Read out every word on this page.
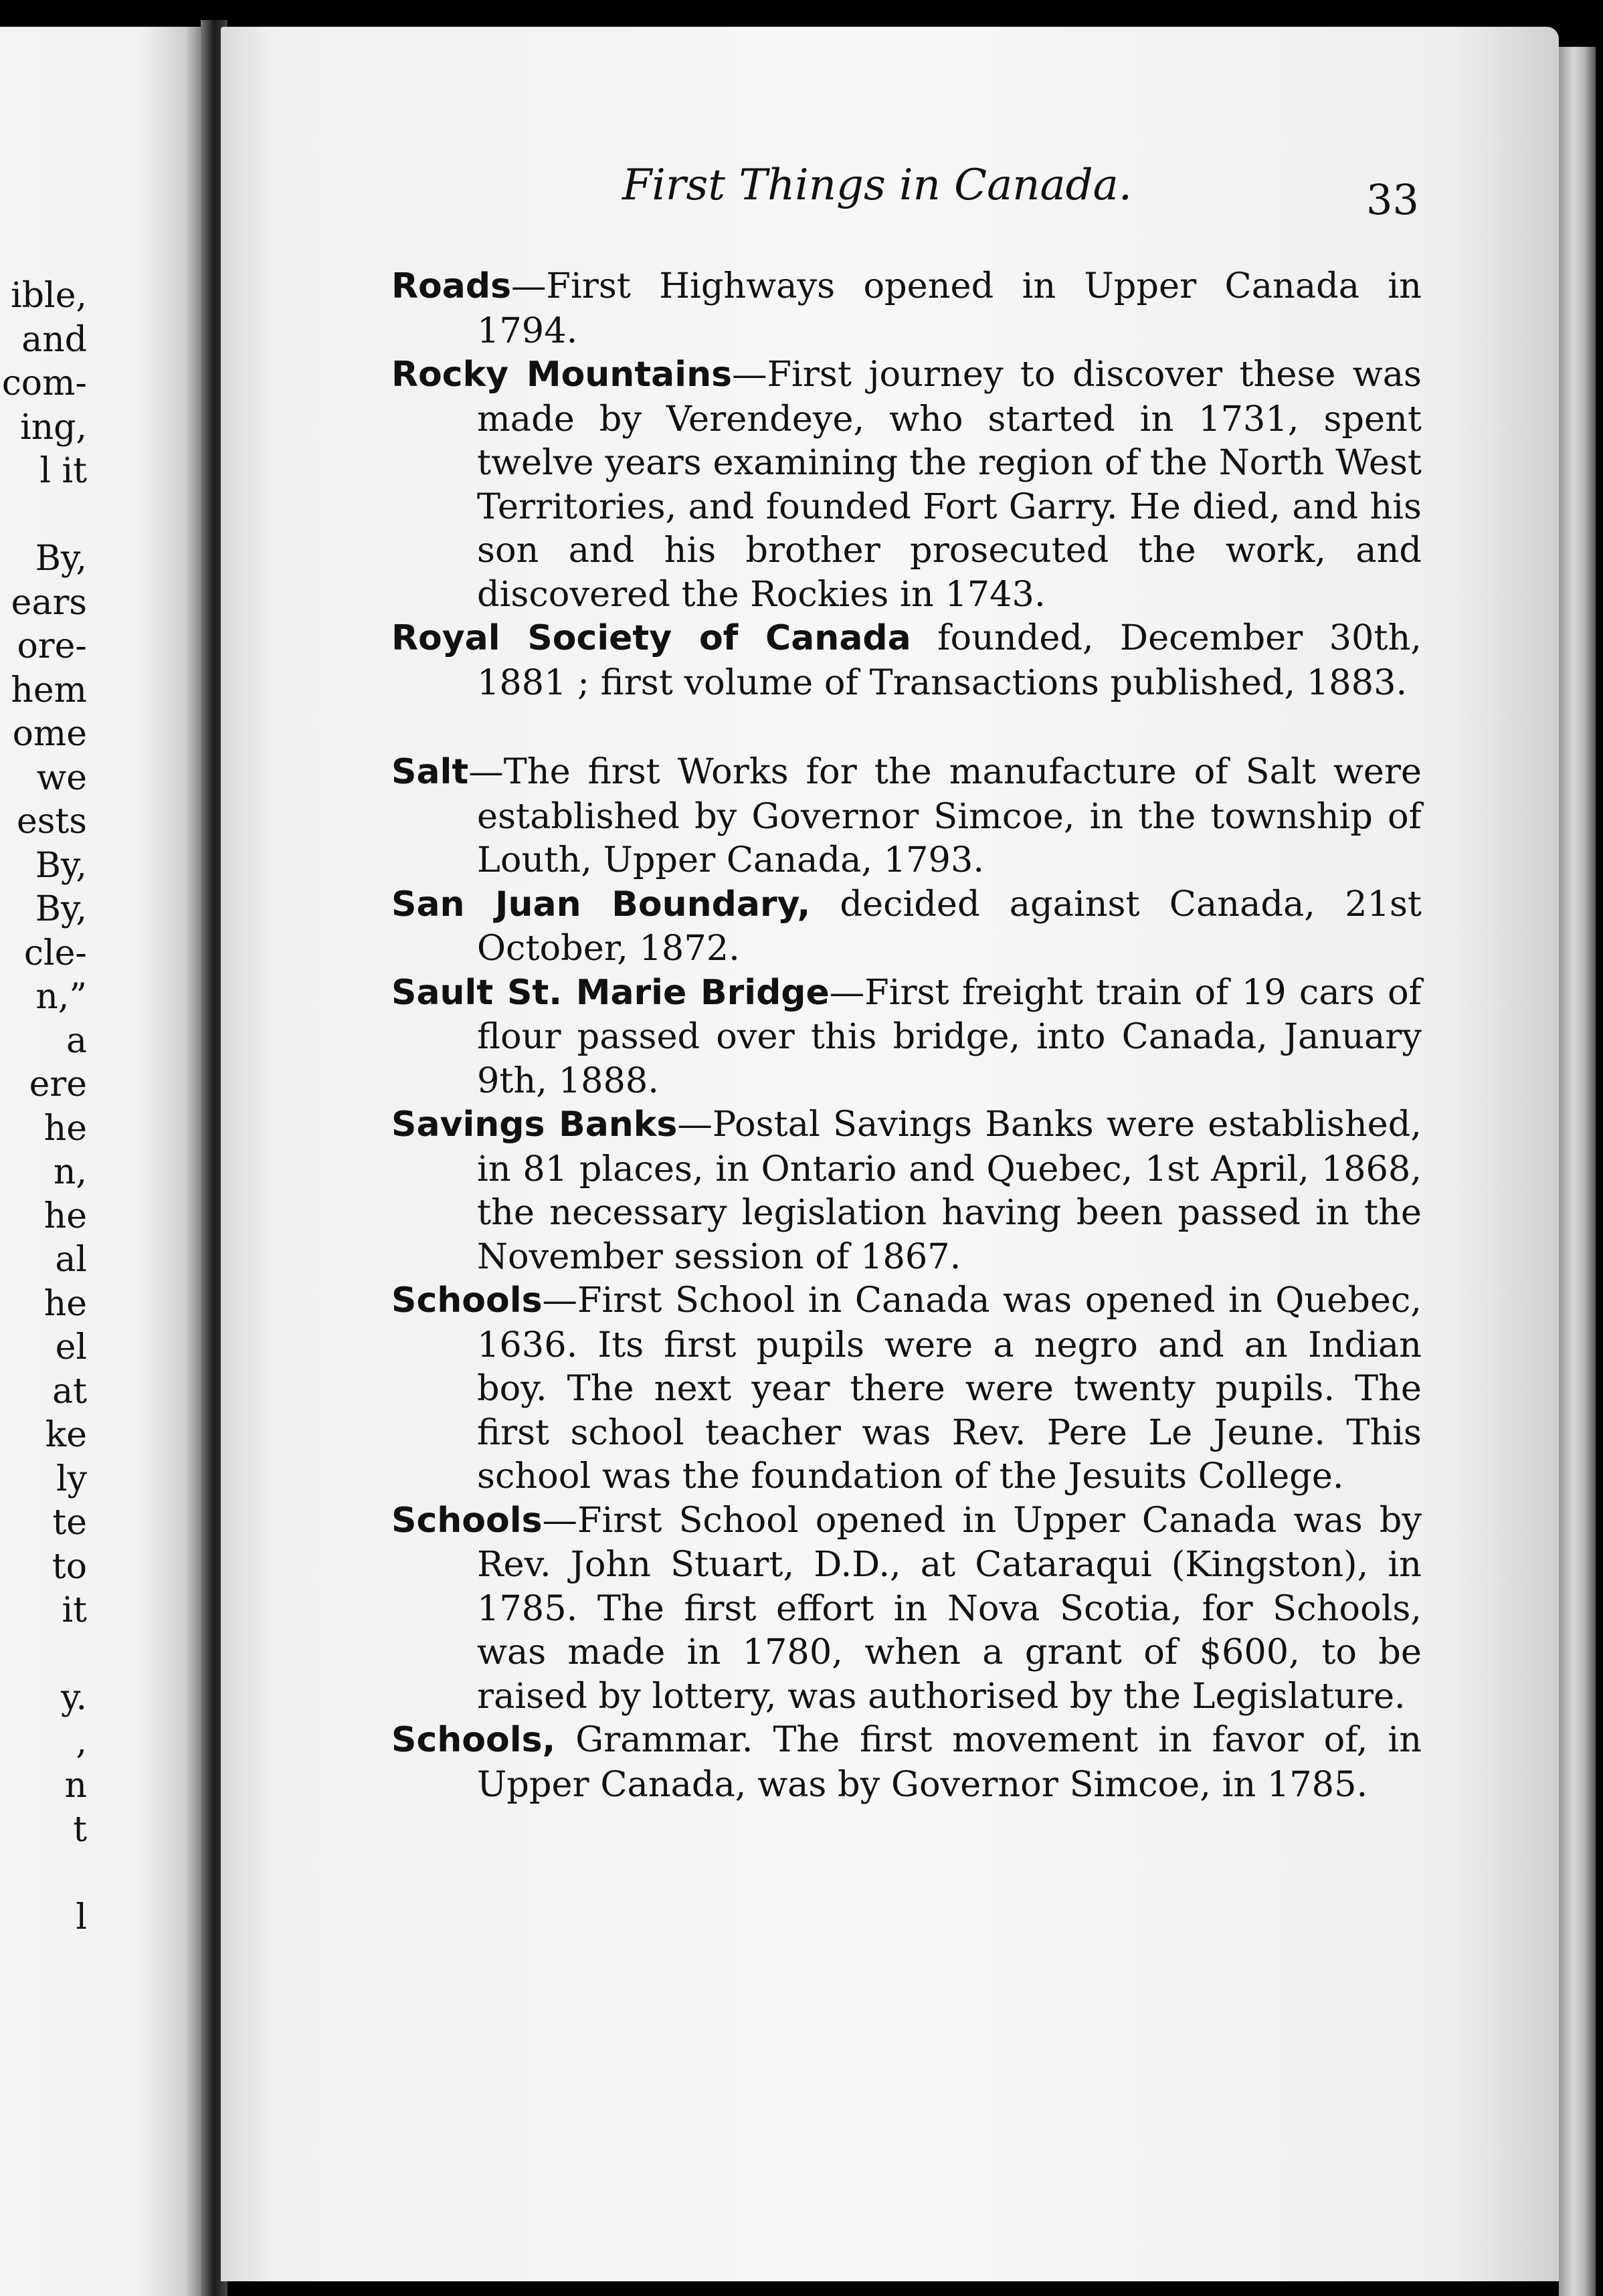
ible,
and
com-
ing,
l it
By,
ears
ore-
hem
ome
we
ests
By,
By,
cle-
n,”
a
ere
he
n,
he
al
he
el
at
ke
ly
te
to
it
y.
,
n
t
l
First Things in Canada.	33

Roads—First Highways opened in Upper Canada in 1794.

Rocky Mountains—First journey to discover these was made by Verendeye, who started in 1731, spent twelve years examining the region of the North West Territories, and founded Fort Garry. He died, and his son and his brother prosecuted the work, and discovered the Rockies in 1743.

Royal Society of Canada founded, December 30th, 1881 ; first volume of Transactions published, 1883.

Salt—The first Works for the manufacture of Salt were established by Governor Simcoe, in the township of Louth, Upper Canada, 1793.

San Juan Boundary, decided against Canada, 21st October, 1872.

Sault St. Marie Bridge—First freight train of 19 cars of flour passed over this bridge, into Canada, January 9th, 1888.

Savings Banks—Postal Savings Banks were established, in 81 places, in Ontario and Quebec, 1st April, 1868, the necessary legislation having been passed in the November session of 1867.

Schools—First School in Canada was opened in Quebec, 1636. Its first pupils were a negro and an Indian boy. The next year there were twenty pupils. The first school teacher was Rev. Pere Le Jeune. This school was the foundation of the Jesuits College.

Schools—First School opened in Upper Canada was by Rev. John Stuart, D.D., at Cataraqui (Kingston), in 1785. The first effort in Nova Scotia, for Schools, was made in 1780, when a grant of $600, to be raised by lottery, was authorised by the Legislature.

Schools, Grammar. The first movement in favor of, in Upper Canada, was by Governor Simcoe, in 1785.
